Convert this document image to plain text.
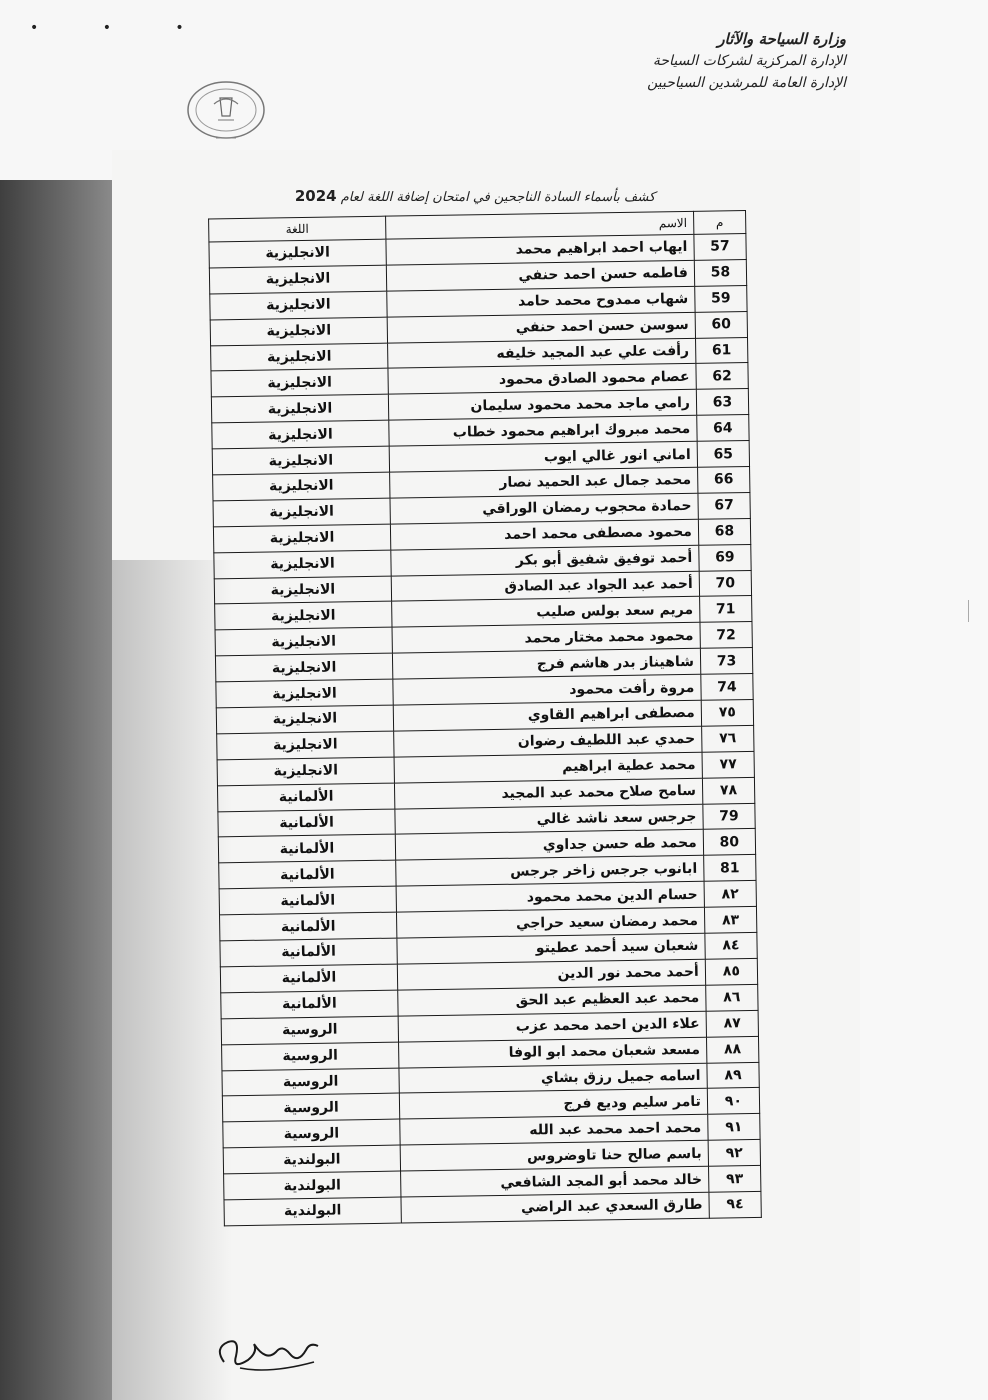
• • •
وزارة السياحة والآثار
الإدارة المركزية لشركات السياحة
الإدارة العامة للمرشدين السياحيين
كشف بأسماء السادة الناجحين في امتحان إضافة اللغة لعام 2024
م	الاسم	اللغة
57	ايهاب احمد ابراهيم محمد	الانجليزية
58	فاطمه حسن احمد حنفي	الانجليزية
59	شهاب ممدوح محمد حامد	الانجليزية
60	سوسن حسن احمد حنفي	الانجليزية
61	رأفت علي عبد المجيد خليفه	الانجليزية
62	عصام محمود الصادق محمود	الانجليزية
63	رامي ماجد محمد محمود سليمان	الانجليزية
64	محمد مبروك ابراهيم محمود خطاب	الانجليزية
65	اماني انور غالي ايوب	الانجليزية
66	محمد جمال عبد الحميد نصار	الانجليزية
67	حمادة محجوب رمضان الوراقي	الانجليزية
68	محمود مصطفى محمد احمد	الانجليزية
69	أحمد توفيق شفيق أبو بكر	الانجليزية
70	أحمد عبد الجواد عبد الصادق	الانجليزية
71	مريم سعد بولس صليب	الانجليزية
72	محمود محمد مختار محمد	الانجليزية
73	شاهيناز بدر هاشم فرج	الانجليزية
74	مروة رأفت محمود	الانجليزية
٧٥	مصطفى ابراهيم القاوي	الانجليزية
٧٦	حمدي عبد اللطيف رضوان	الانجليزية
٧٧	محمد عطية ابراهيم	الانجليزية
٧٨	سامح صلاح محمد عبد المجيد	الألمانية
79	جرجس سعد ناشد غالي	الألمانية
80	محمد طه حسن جداوي	الألمانية
81	ابانوب جرجس زاخر جرجس	الألمانية
٨٢	حسام الدين محمد محمود	الألمانية
٨٣	محمد رمضان سعيد حراجي	الألمانية
٨٤	شعبان سيد أحمد عطيتو	الألمانية
٨٥	أحمد محمد نور الدين	الألمانية
٨٦	محمد عبد العظيم عبد الحق	الألمانية
٨٧	علاء الدين احمد محمد عزب	الروسية
٨٨	مسعد شعبان محمد ابو الوفا	الروسية
٨٩	اسامه جميل رزق بشاي	الروسية
٩٠	تامر سليم وديع فرج	الروسية
٩١	محمد احمد محمد عبد الله	الروسية
٩٢	باسم صالح حنا تاوضروس	البولندية
٩٣	خالد محمد أبو المجد الشافعي	البولندية
٩٤	طارق السعدي عبد الراضي	البولندية
